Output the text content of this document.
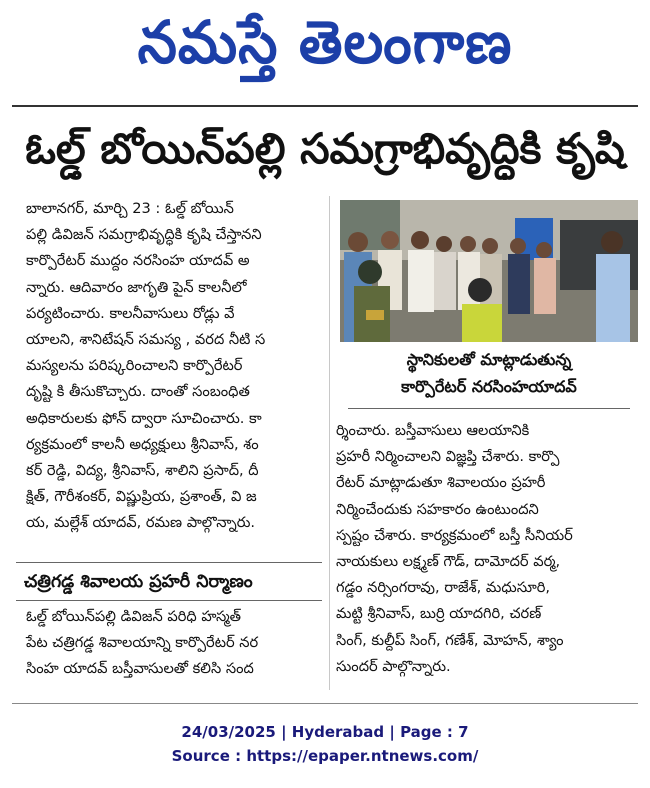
నమస్తే తెలంగాణ
ఓల్డ్ బోయిన్‌పల్లి సమగ్రాభివృద్ధికి కృషి

బాలానగర్, మార్చి 23 : ఓల్డ్ బోయిన్
పల్లి డివిజన్ సమగ్రాభివృద్ధికి కృషి చేస్తానని
కార్పొరేటర్ ముద్దం నరసింహ యాదవ్ అ
న్నారు. ఆదివారం జాగృతి పైన్ కాలనీలో
పర్యటించారు. కాలనీవాసులు రోడ్లు వే
యాలని, శానిటేషన్ సమస్య , వరద నీటి స
మస్యలను పరిష్కరించాలని కార్పొరేటర్
దృష్టి కి తీసుకొచ్చారు. దాంతో సంబంధిత
అధికారులకు ఫోన్ ద్వారా సూచించారు. కా
ర్యక్రమంలో కాలనీ అధ్యక్షులు శ్రీనివాస్, శం
కర్ రెడ్డి, విద్య, శ్రీనివాస్, శాలిని ప్రసాద్, దీ
క్షిత్, గౌరీశంకర్, విష్ణుప్రియ, ప్రశాంత్, వి జ
య, మల్లేశ్ యాదవ్, రమణ పాల్గొన్నారు.

చత్రిగడ్డ శివాలయ ప్రహరీ నిర్మాణం

ఓల్డ్ బోయిన్‌పల్లి డివిజన్ పరిధి హస్మత్
పేట చత్రిగడ్డ శివాలయాన్ని కార్పొరేటర్ నర
సింహ యాదవ్ బస్తీవాసులతో కలిసి సంద

స్థానికులతో మాట్లాడుతున్న
కార్పొరేటర్ నరసింహయాదవ్

ర్శించారు. బస్తీవాసులు ఆలయానికి
ప్రహరీ నిర్మించాలని విజ్ఞప్తి చేశారు. కార్పొ
రేటర్ మాట్లాడుతూ శివాలయం ప్రహరీ
నిర్మించేందుకు సహకారం ఉంటుందని
స్పష్టం చేశారు. కార్యక్రమంలో బస్తీ సీనియర్
నాయకులు లక్ష్మణ్ గౌడ్, దామోదర్ వర్మ,
గడ్డం నర్సింగరావు, రాజేశ్, మధుసూరి,
మట్టి శ్రీనివాస్, బుర్రి యాదగిరి, చరణ్
సింగ్, కుల్దీప్ సింగ్, గణేశ్, మోహన్, శ్యాం
సుందర్ పాల్గొన్నారు.

24/03/2025 | Hyderabad | Page : 7
Source : https://epaper.ntnews.com/
